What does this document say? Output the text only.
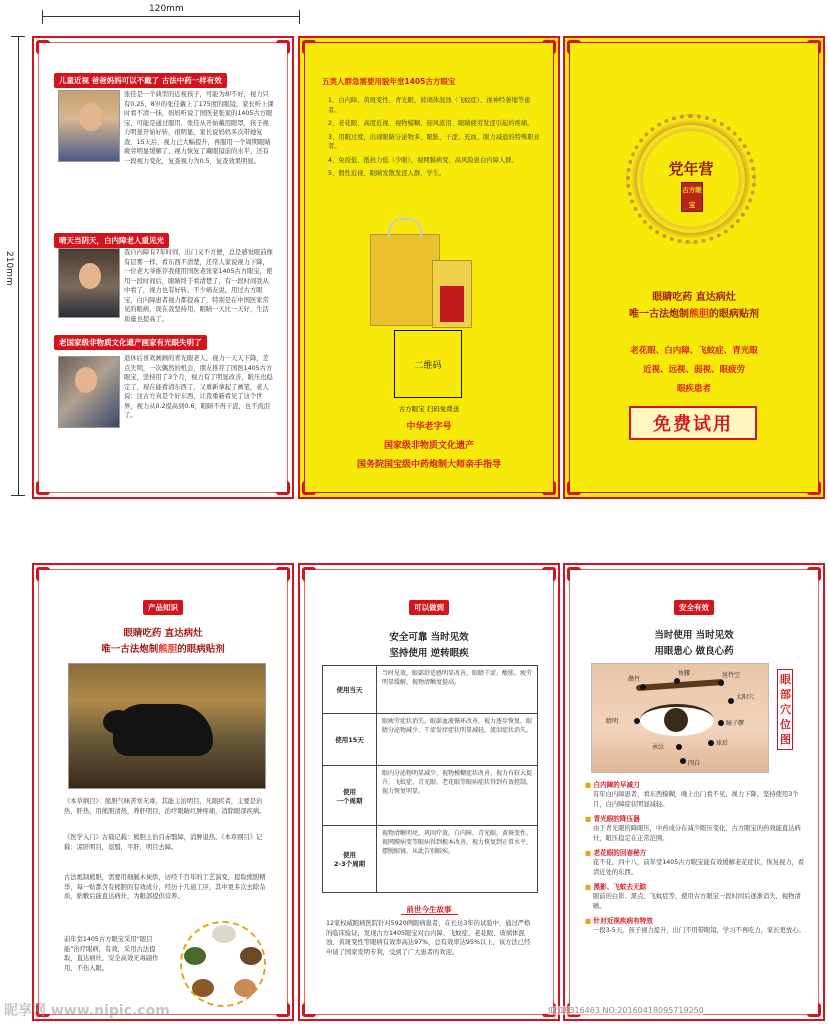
120mm
210mm
儿童近视 爸爸妈妈可以不戴了 古法中药一样有效
张佳是一个典型的近视孩子，可能为却不好，视力只有0.25，8岁的张佳戴上了175度的眼镜，家长听上课时看不清一抹，妈妈听说了国医老张家的1405古方眼宝，可能是通过服用，张佳从开始戴用眼罩，孩子视力明显开始好转，很明显，家长说妈妈多次带她复查，15天后，视力已大幅提升，再服用一个周期眼睛疲劳明显缓解了，视力恢复了戴眼镜前的水平，还有一段视力变化，复查视力为0.5，复查效果明显。
晴天当阴天，白内障老人重见光
我自内障有7年时间，出门又不方便，总是感觉眼前像有层雾一样，看东西不清楚，还常人家说视力下降，一位老大爷推荐我使用国医老张家1405古方眼宝，使用一段时间后，眼睛终于看清楚了，有一段时间我从中看了，视力也有好转，不少病友说，用过古方眼宝，白内障患者视力都提高了，特别是在中国医家常见的眼病，现在我坚持用，眼睛一天比一天好，生活质量也提高了。
老国家级非物质文化遗产画家有光眼失明了
退休后喜欢画画的青光眼老人，视力一天天下降，差点失明，一次偶然的机会，朋友推荐了国医1405古方眼宝，坚持用了3个月，视力有了明显改善，眼压也稳定了，现在能看清东西了，又重新拿起了画笔，老人说：这古方真是个好东西，让我重新看见了这个世界，视力从0.2提高到0.6，眼睛不再干涩，也不流泪了。
五类人群急需要用貌年堂1405古方眼宝
1、白内障、黄斑变性、青光眼、玻璃体混浊（飞蚊症）、视神经萎缩等患者。
2、老花眼、高度近视、视物模糊、迎风流泪、眼睛疲劳发涩引起的疼痛。
3、用眼过度，出现眼睛分泌物多、眼胀、干涩、充血、眼力减退的特殊职业者。
4、免疫低、抵抗力低（少眼），视网膜病变、高风险患白内障人群。
5、假性近视、眼睛发散发涩人群，学生。
二维码
古方眼宝 扫码免费送
中华老字号
国家级非物质文化遗产
国务院国宝级中药炮制大师亲手指导
党年营
古方眼宝
眼睛吃药 直达病灶
唯一古法炮制熊胆的眼病贴剂
老花眼、白内障、飞蚊症、青光眼
近视、远视、弱视、眼疲劳
眼疾患者
免费试用
产品知识
眼睛吃药 直达病灶
唯一古法炮制熊胆的眼病贴剂
《本草纲目》：熊胆气味苦寒无毒，其能主治明目，凡眼疾者，主要是治热、肝热，用熊胆清热，养肝明目，治疗眼睛红肿疼痛，消除眼部疾病。
《医学入门》古载记载：熊胆主治目赤翳障，消肿退热。《本草纲目》记载：凉肝明目，退翳，平肝，明目去障。
古法炮制熊胆，需要用细腻木炭烘，历经千百年的工艺演变，提取熊胆精华，每一贴都含有熊胆的有效成分，经历十几道工序，其中更多次去除杂质，贴敷后能直达病灶，为眼部提供营养。
前年堂1405古方眼宝采用“眼目能”治疗眼病，有效，采用古法提取，直达病灶，安全高效无毒副作用，不伤入眼。
可以做到
安全可靠 当时见效
坚持使用 逆转眼疾
使用当天
当时见效，眼部舒适感明显改善，眼睛干涩、酸胀、疲劳明显缓解，视物清晰度提高。
使用15天
眼疲劳症状消失，眼部血液循环改善，视力逐步恢复，眼睛分泌物减少，干涩发痒症状明显减轻，流泪症状消失。
使用
一个周期
眼内分泌物明显减少，视物模糊症状改善，视力有较大提升，飞蚊症、青光眼、老花眼等眼病症状得到有效控制，视力恢复明显。
使用
2-3个周期
视物清晰明亮，巩固疗效，白内障、青光眼、黄斑变性、视网膜病变等眼病得到根本改善，视力恢复到正常水平，摆脱眼镜，从此告别眼疾。
前世今生故事
12家权威眼病医院针对5920例眼病患者，在长达3年的试验中，通过严格的临床验证，发现古方1405眼宝对白内障、飞蚊症、老花眼、玻璃体混浊、黄斑变性等眼病有效率高达97%，总有效率达95%以上，该方法已经申请了国家发明专利，受到了广大患者的欢迎。
安全有效
当时使用 当时见效
用眼患心 做良心药
睛明
鱼腰	丝竹空
太阳穴
攒竹
瞳子髎
承泣
四白
球后
眼部穴位图
■ 白内障的早减刀
有年白内障患者，看东西模糊，晚上出门看不见，视力下降，坚持使用3个月，白内障症状明显减轻。
■ 青光眼的降压器
由于青光眼的降眼压，中药成分在减少眼压变化，古方眼宝的药效能直达病灶，眼压稳定在正常范围。
■ 老花眼的回春秘方
花不花，四十八，前年堂1405古方眼宝能有效缓解老花症状，恢复视力，看清近处的东西。
■ 黑影、飞蚊去无踪
眼前的白影、黑点、飞蚊症等，使用古方眼宝一段时间后逐渐消失，视物清晰。
■ 针对近视疾病有特效
一段3-5天，孩子视力提升，出门不用带眼镜，学习不再吃力，家长更放心。
昵享网 www.nipic.com	ID:18316463 NO:20160418095719250
